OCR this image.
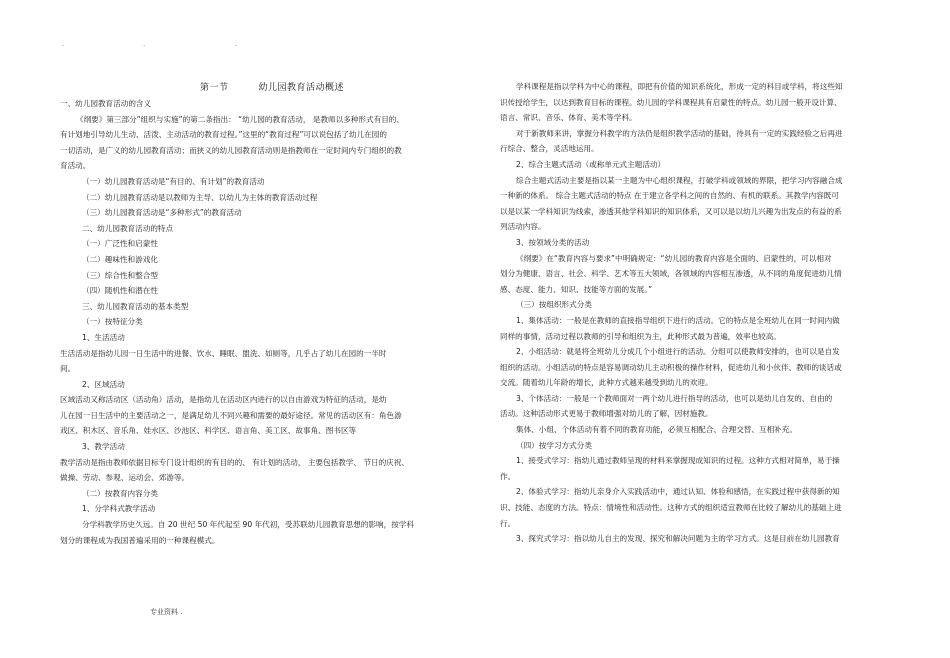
.	.	.
第一节	幼儿园教育活动概述

一、幼儿园教育活动的含义

《纲要》第三部分“组织与实施”的第二条指出： “幼儿园的教育活动， 是教师以多种形式有目的、

有计划地引导幼儿生动、活泼、主动活动的教育过程。”这里的“教育过程”可以说包括了幼儿在园的

一切活动，是广义的幼儿园教育活动；而狭义的幼儿园教育活动则是指教师在一定时间内专门组织的教

育活动。

（一）幼儿园教育活动是“有目的、有计划”的教育活动

（二）幼儿园教育活动是以教师为主导、以幼儿为主体的教育活动过程

（三）幼儿园教育活动是“多种形式”的教育活动

二、幼儿园教育活动的特点

（一）广泛性和启蒙性

（二）趣味性和游戏化

（三）综合性和整合型

（四）随机性和潜在性

三、幼儿园教育活动的基本类型

（一）按特征分类

1、生活活动

生活活动是指幼儿园一日生活中的进餐、饮水、睡眠、盥洗、如厕等，几乎占了幼儿在园的一半时

间。

2、区域活动

区域活动又称活动区（活动角）活动，是指幼儿在活动区内进行的以自由游戏为特征的活动，是幼

儿在园一日生活中的主要活动之一，是满足幼儿不同兴趣和需要的最好途径。常见的活动区有：角色游

戏区、积木区、音乐角、娃水区、沙池区、科学区、语言角、美工区、故事角、图书区等

3、教学活动

教学活动是指由教师依据目标专门设计组织的有目的的、 有计划的活动， 主要包括教学、 节日的庆祝、

做操、劳动、参观、运动会、郊游等。

（二）按教育内容分类

1、分学科式教学活动

分学科教学历史久远。自 20 世纪 50 年代起至 90 年代初，受苏联幼儿园教育思想的影响，按学科

划分的课程成为我国普遍采用的一种课程模式。

学科课程是指以学科为中心的课程，即把有价值的知识系统化，形成一定的科目或学科，将这些知

识传授给学生，以达到教育目标的课程。幼儿园的学科课程具有启蒙性的特点。幼儿园一般开设计算、

语言、常识、音乐、体育、美术等学科。

对于新教师来讲，掌握分科教学的方法仍是组织教学活动的基础，待具有一定的实践经验之后再进

行综合、整合，灵活地运用。

2、综合主题式活动（或称单元式主题活动）

综合主题式活动主要是指以某一主题为中心组织课程，打破学科或领域的界限，把学习内容融合成

一种新的体系。 综合主题式活动的特点 在于建立各学科之间的自然的、有机的联系。其教学内容既可

以是以某一学科知识为线索，渗透其他学科知识的知识体系，又可以是以幼儿兴趣为出发点的有益的系

列活动内容。

3、按领域分类的活动

《纲要》在“教育内容与要求”中明确规定：“幼儿园的教育内容是全面的、启蒙性的，可以相对

划分为健康、语言、社会、科学、艺术等五大领域，各领域的内容相互渗透，从不同的角度促进幼儿情

感、态度、能力、知识、技能等方面的发展。”

（三）按组织形式分类

1、集体活动：一般是在教师的直接指导组织下进行的活动。它的特点是全班幼儿在同一时间内做

同样的事情，活动过程以教师的引导和组织为主，此种形式最为普遍，效率也较高。

2、小组活动：就是将全班幼儿分成几个小组进行的活动。分组可以使教师安排的，也可以是自发

组织的活动。小组活动的特点是容易调动幼儿主动积极的操作材料，促进幼儿和小伙伴、教师的谈话或

交流。随着幼儿年龄的增长，此种方式越来越受到幼儿的欢迎。

3、个体活动：一般是一个教师面对一两个幼儿进行指导的活动，也可以是幼儿自发的、自由的

活动。这种活动形式更易于教师增强对幼儿的了解，因材施教。

集体、小组、个体活动有着不同的教育功能，必须互相配合、合理交替、互相补充。

（四）按学习方式分类

1、接受式学习：指幼儿通过教师呈现的材料来掌握现成知识的过程。这种方式相对简单，易于操

作。

2、体验式学习：指幼儿亲身介入实践活动中，通过认知、体验和感悟，在实践过程中获得新的知

识、技能、态度的方法。特点：情境性和活动性。这种方式的组织适宜教师在比较了解幼儿的基础上进

行。

3、探究式学习：指以幼儿自主的发现、探究和解决问题为主的学习方式。这是目前在幼儿园教育

专业资料 .
